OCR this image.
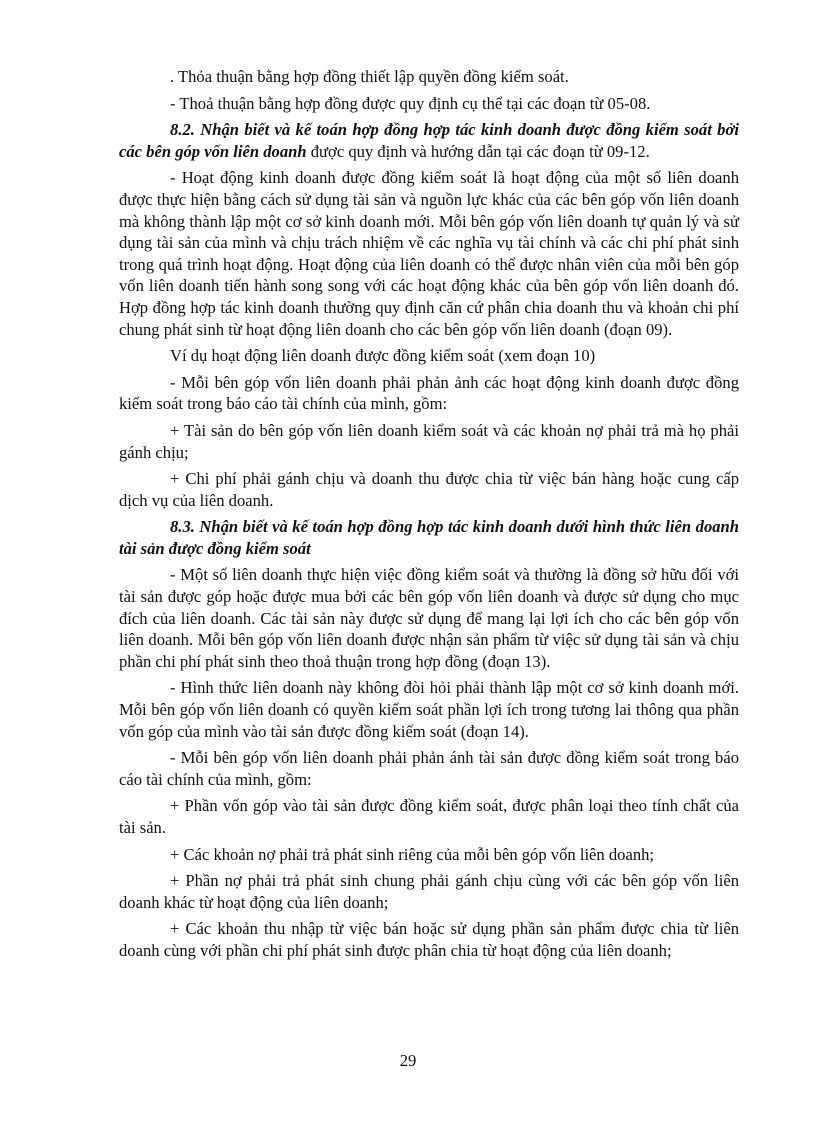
. Thỏa thuận bằng hợp đồng thiết lập quyền đồng kiểm soát.

- Thoả thuận bằng hợp đồng được quy định cụ thể tại các đoạn từ 05-08.

8.2. Nhận biết và kế toán hợp đồng hợp tác kinh doanh được đồng kiểm soát bởi các bên góp vốn liên doanh được quy định và hướng dẫn tại các đoạn từ 09-12.

- Hoạt động kinh doanh được đồng kiểm soát là hoạt động của một số liên doanh được thực hiện bằng cách sử dụng tài sản và nguồn lực khác của các bên góp vốn liên doanh mà không thành lập một cơ sở kinh doanh mới. Mỗi bên góp vốn liên doanh tự quản lý và sử dụng tài sản của mình và chịu trách nhiệm về các nghĩa vụ tài chính và các chi phí phát sinh trong quá trình hoạt động. Hoạt động của liên doanh có thể được nhân viên của mỗi bên góp vốn liên doanh tiến hành song song với các hoạt động khác của bên góp vốn liên doanh đó. Hợp đồng hợp tác kinh doanh thường quy định căn cứ phân chia doanh thu và khoản chi phí chung phát sinh từ hoạt động liên doanh cho các bên góp vốn liên doanh (đoạn 09).

Ví dụ hoạt động liên doanh được đồng kiểm soát (xem đoạn 10)

- Mỗi bên góp vốn liên doanh phải phản ảnh các hoạt động kinh doanh được đồng kiểm soát trong báo cáo tài chính của mình, gồm:

+ Tài sản do bên góp vốn liên doanh kiểm soát và các khoản nợ phải trả mà họ phải gánh chịu;

+ Chi phí phải gánh chịu và doanh thu được chia từ việc bán hàng hoặc cung cấp dịch vụ của liên doanh.

8.3. Nhận biết và kế toán hợp đồng hợp tác kinh doanh dưới hình thức liên doanh tài sản được đồng kiểm soát

- Một số liên doanh thực hiện việc đồng kiểm soát và thường là đồng sở hữu đối với tài sản được góp hoặc được mua bởi các bên góp vốn liên doanh và được sử dụng cho mục đích của liên doanh. Các tài sản này được sử dụng để mang lại lợi ích cho các bên góp vốn liên doanh. Mỗi bên góp vốn liên doanh được nhận sản phẩm từ việc sử dụng tài sản và chịu phần chi phí phát sinh theo thoả thuận trong hợp đồng (đoạn 13).

- Hình thức liên doanh này không đòi hỏi phải thành lập một cơ sở kinh doanh mới. Mỗi bên góp vốn liên doanh có quyền kiểm soát phần lợi ích trong tương lai thông qua phần vốn góp của mình vào tài sản được đồng kiểm soát (đoạn 14).

- Mỗi bên góp vốn liên doanh phải phản ánh tài sản được đồng kiểm soát trong báo cáo tài chính của mình, gồm:

+ Phần vốn góp vào tài sản được đồng kiểm soát, được phân loại theo tính chất của tài sản.

+ Các khoản nợ phải trả phát sinh riêng của mỗi bên góp vốn liên doanh;

+ Phần nợ phải trả phát sinh chung phải gánh chịu cùng với các bên góp vốn liên doanh khác từ hoạt động của liên doanh;

+ Các khoản thu nhập từ việc bán hoặc sử dụng phần sản phẩm được chia từ liên doanh cùng với phần chi phí phát sinh được phân chia từ hoạt động của liên doanh;

29
